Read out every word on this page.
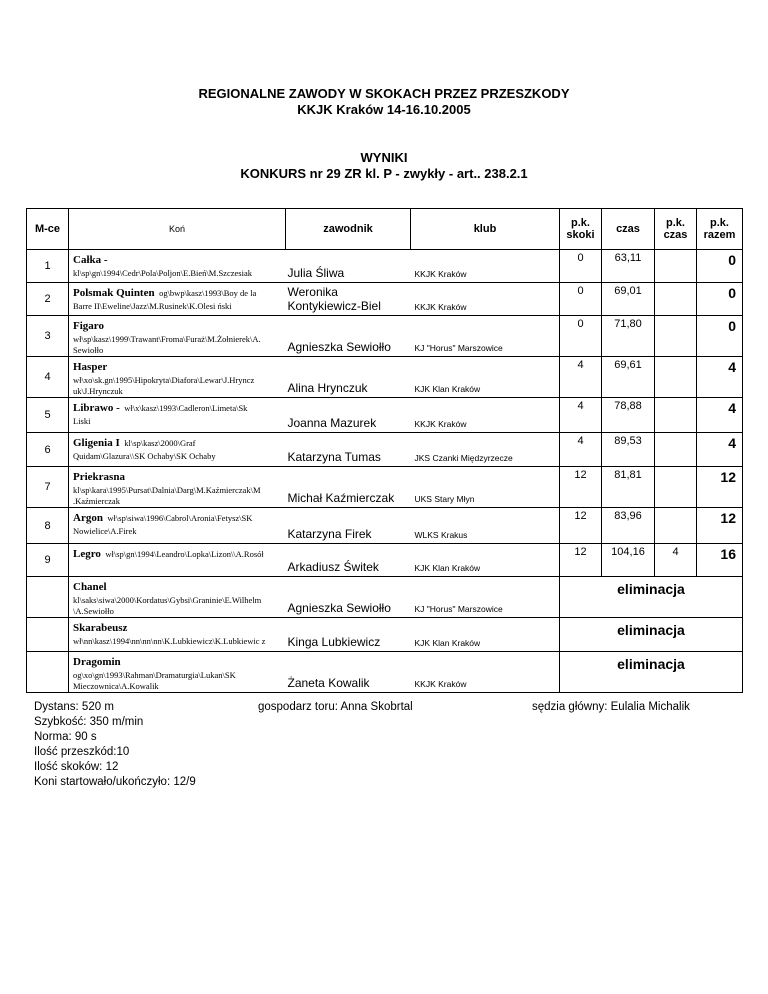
REGIONALNE ZAWODY W SKOKACH PRZEZ PRZESZKODY
KKJK Kraków 14-16.10.2005
WYNIKI
KONKURS nr 29 ZR kl. P - zwykły - art.. 238.2.1
M-ce	Koń	zawodnik	klub	p.k. skoki	czas	p.k. czas	p.k. razem
1	Całka -
kl\sp\gn\1994\Cedr\Pola\Poljon\E.Bień\M.Szczesiak	Julia Śliwa	KKJK Kraków	0	63,11		0
2	Polsmak Quinten og\bwp\kasz\1993\Boy de la
Barre II\Eweline\Jazz\M.Rusinek\K.Olesi ński	Weronika Kontykiewicz-Biel	KKJK Kraków	0	69,01		0
3	Figaro
wł\sp\kasz\1999\Trawant\Froma\Furaż\M.Żołnierek\A. Sewiołło	Agnieszka Sewiołło	KJ "Horus" Marszowice	0	71,80		0
4	Hasper
wł\xo\sk.gn\1995\Hipokryta\Diafora\Lewar\J.Hryncz uk\J.Hrynczuk	Alina Hrynczuk	KJK Klan Kraków	4	69,61		4
5	Librawo - wł\x\kasz\1993\Cadleron\Limeta\Sk
Liski	Joanna Mazurek	KKJK Kraków	4	78,88		4
6	Gligenia I kl\sp\kasz\2000\Graf
Quidam\Glazura\\SK Ochaby\SK Ochaby	Katarzyna Tumas	JKS Czanki Międzyrzecze	4	89,53		4
7	Priekrasna
kl\sp\kara\1995\Pursat\Dalnia\Darg\M.Kaźmierczak\M .Kaźmierczak	Michał Kaźmierczak	UKS Stary Młyn	12	81,81		12
8	Argon wł\sp\siwa\1996\Cabrol\Aronia\Fetysz\SK
Nowielice\A.Firek	Katarzyna Firek	WLKS Krakus	12	83,96		12
9	Legro wł\sp\gn\1994\Leandro\Lopka\Lizon\\A.Rosół	Arkadiusz Świtek	KJK Klan Kraków	12	104,16	4	16

	Chanel
kl\saks\siwa\2000\Kordatus\Gybsi\Graninie\E.Wilhelm \A.Sewiołło	Agnieszka Sewiołło	KJ "Horus" Marszowice	eliminacja			

	Skarabeusz
wł\nn\kasz\1994\nn\nn\nn\K.Lubkiewicz\K.Lubkiewic z	Kinga Lubkiewicz	KJK Klan Kraków	eliminacja			

	Dragomin
og\xo\gn\1993\Rahman\Dramaturgia\Lukan\SK Mieczownica\A.Kowalik	Żaneta Kowalik	KKJK Kraków	eliminacja			
Dystans: 520 m
Szybkość: 350 m/min
Norma: 90 s
Ilość przeszkód:10
Ilość skoków: 12
Koni startowało/ukończyło: 12/9
gospodarz toru: Anna Skobrtal	sędzia główny: Eulalia Michalik
